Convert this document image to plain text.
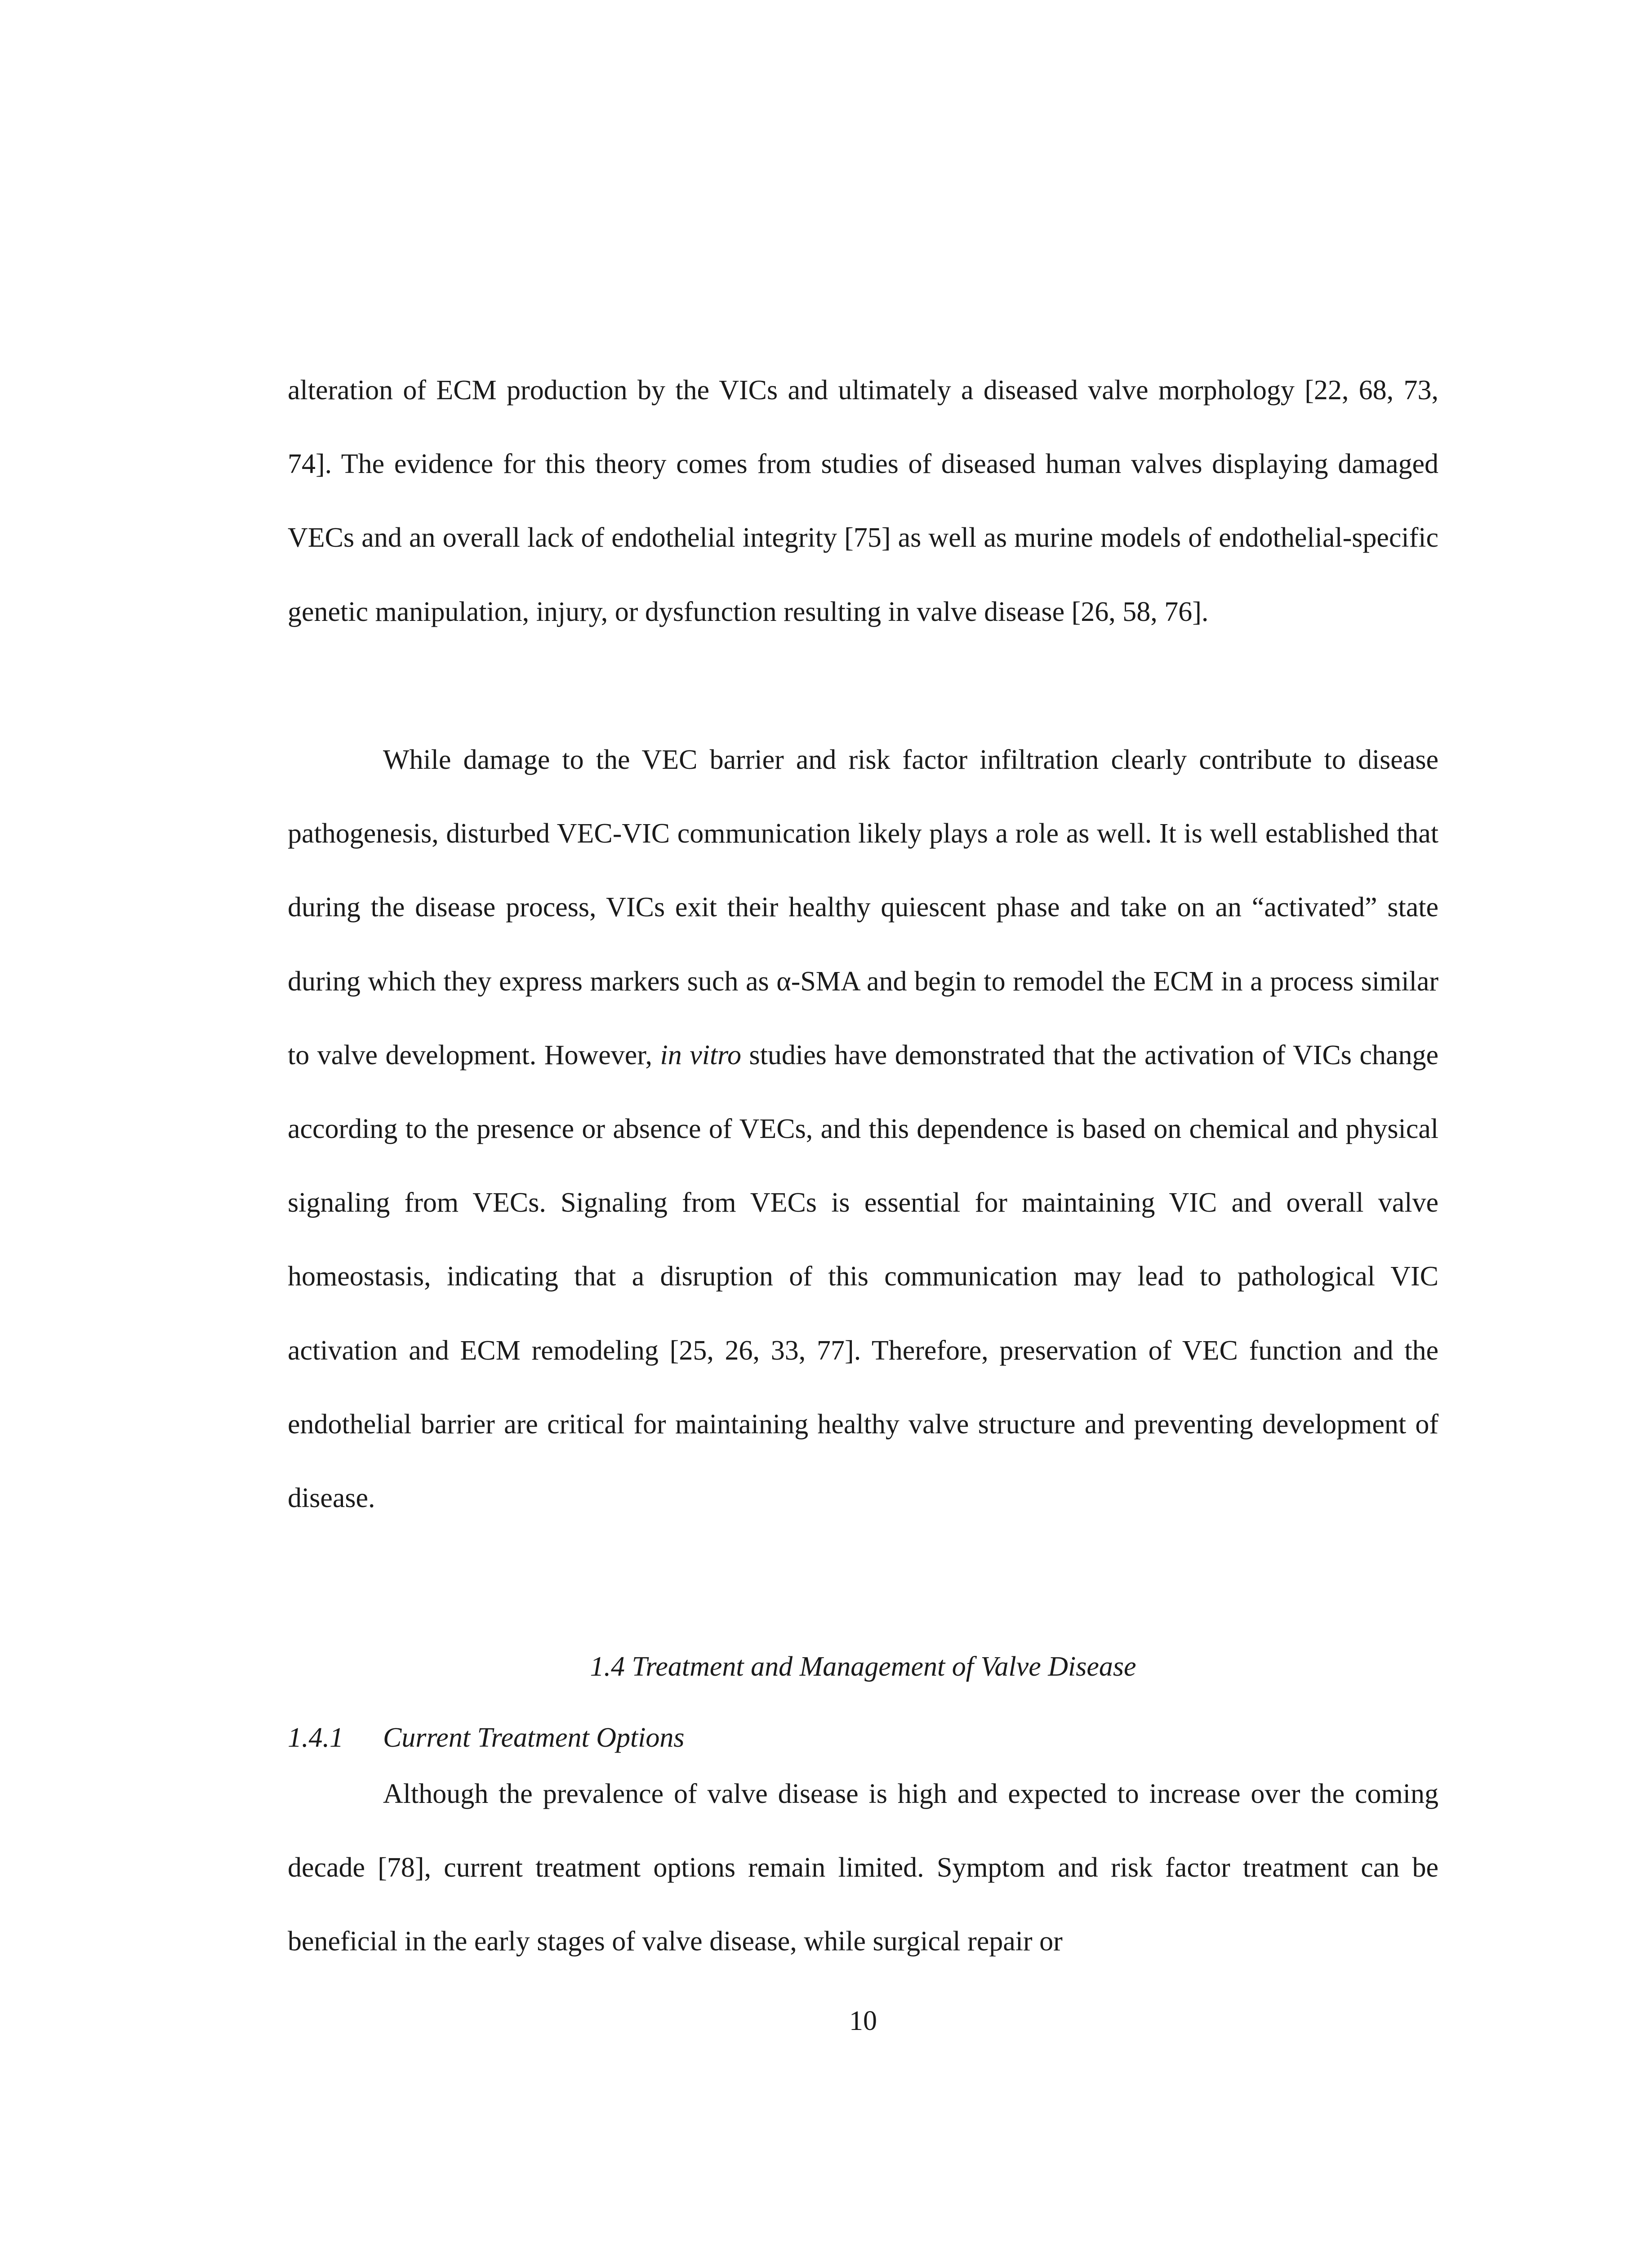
alteration of ECM production by the VICs and ultimately a diseased valve morphology [22, 68, 73, 74]. The evidence for this theory comes from studies of diseased human valves displaying damaged VECs and an overall lack of endothelial integrity [75] as well as murine models of endothelial-specific genetic manipulation, injury, or dysfunction resulting in valve disease [26, 58, 76].

While damage to the VEC barrier and risk factor infiltration clearly contribute to disease pathogenesis, disturbed VEC-VIC communication likely plays a role as well. It is well established that during the disease process, VICs exit their healthy quiescent phase and take on an “activated” state during which they express markers such as α-SMA and begin to remodel the ECM in a process similar to valve development. However, in vitro studies have demonstrated that the activation of VICs change according to the presence or absence of VECs, and this dependence is based on chemical and physical signaling from VECs. Signaling from VECs is essential for maintaining VIC and overall valve homeostasis, indicating that a disruption of this communication may lead to pathological VIC activation and ECM remodeling [25, 26, 33, 77]. Therefore, preservation of VEC function and the endothelial barrier are critical for maintaining healthy valve structure and preventing development of disease.

1.4 Treatment and Management of Valve Disease

1.4.1 Current Treatment Options

Although the prevalence of valve disease is high and expected to increase over the coming decade [78], current treatment options remain limited. Symptom and risk factor treatment can be beneficial in the early stages of valve disease, while surgical repair or

10
